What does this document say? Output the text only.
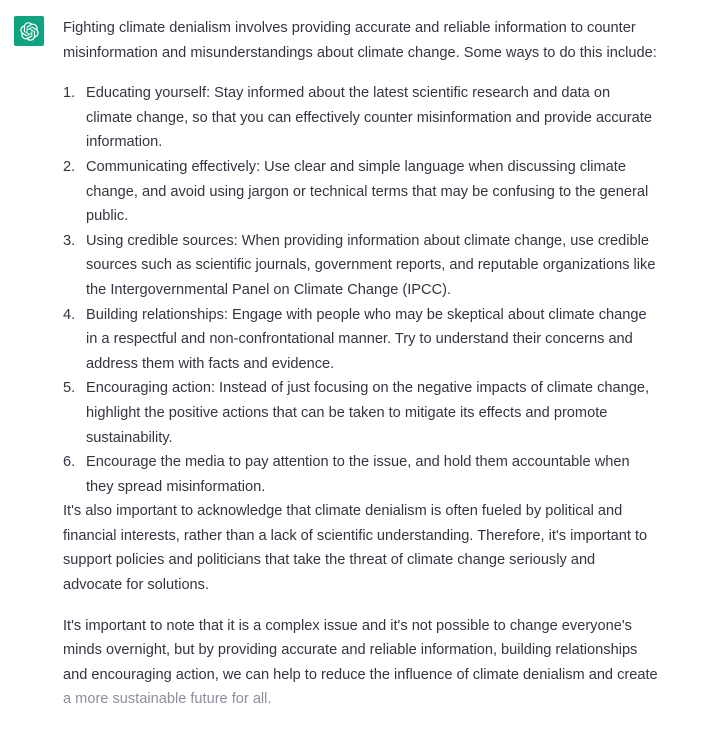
Fighting climate denialism involves providing accurate and reliable information to counter misinformation and misunderstandings about climate change. Some ways to do this include:

Educating yourself: Stay informed about the latest scientific research and data on climate change, so that you can effectively counter misinformation and provide accurate information.
Communicating effectively: Use clear and simple language when discussing climate change, and avoid using jargon or technical terms that may be confusing to the general public.
Using credible sources: When providing information about climate change, use credible sources such as scientific journals, government reports, and reputable organizations like the Intergovernmental Panel on Climate Change (IPCC).
Building relationships: Engage with people who may be skeptical about climate change in a respectful and non-confrontational manner. Try to understand their concerns and address them with facts and evidence.
Encouraging action: Instead of just focusing on the negative impacts of climate change, highlight the positive actions that can be taken to mitigate its effects and promote sustainability.
Encourage the media to pay attention to the issue, and hold them accountable when they spread misinformation.

It's also important to acknowledge that climate denialism is often fueled by political and financial interests, rather than a lack of scientific understanding. Therefore, it's important to support policies and politicians that take the threat of climate change seriously and advocate for solutions.

It's important to note that it is a complex issue and it's not possible to change everyone's minds overnight, but by providing accurate and reliable information, building relationships and encouraging action, we can help to reduce the influence of climate denialism and create a more sustainable future for all.
